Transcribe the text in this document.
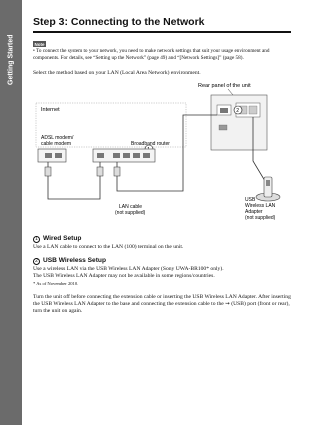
Getting Started
Step 3: Connecting to the Network
Note
• To connect the system to your network, you need to make network settings that suit your usage environment and components. For details, see “Setting up the Network” (page 49) and “[Network Settings]” (page 58).
Select the method based on your LAN (Local Area Network) environment.
Rear panel of the unit
2
Internet
ADSL modem/
cable modem	Broadband router
LAN cable
(not supplied)
USB
Wireless LAN
Adapter
(not supplied)
1 Wired Setup
Use a LAN cable to connect to the LAN (100) terminal on the unit.
2 USB Wireless Setup
Use a wireless LAN via the USB Wireless LAN Adapter (Sony UWA-BR100* only).
The USB Wireless LAN Adapter may not be available in some regions/countries.
* As of November 2010.
Turn the unit off before connecting the extension cable or inserting the USB Wireless LAN Adapter. After inserting the USB Wireless LAN Adapter to the base and connecting the extension cable to the ⇝ (USB) port (front or rear), turn the unit on again.
